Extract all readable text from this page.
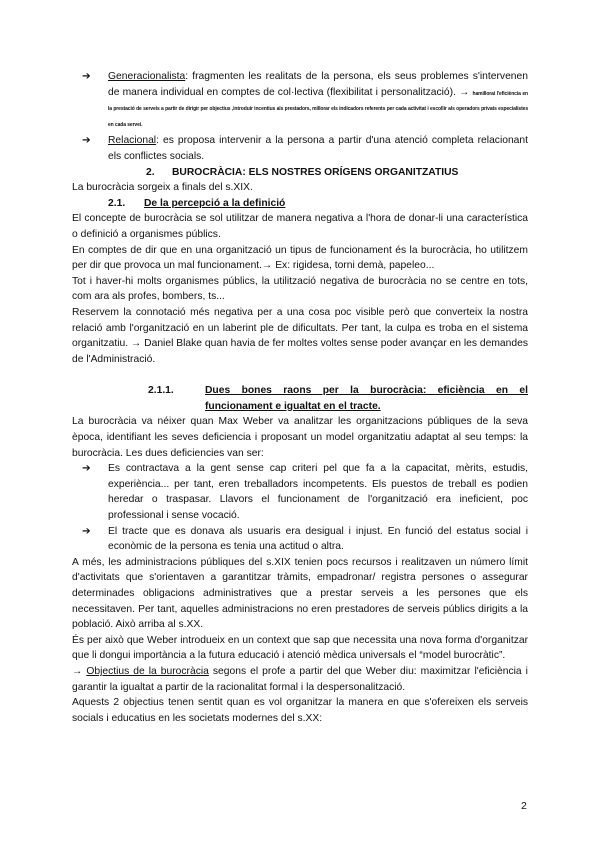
➔ Generacionalista: fragmenten les realitats de la persona, els seus problemes s'intervenen de manera individual en comptes de col·lectiva (flexibilitat i personalització). → hamillorai l'eficiència en la prestació de serveis a partir de dirigir per objectius ,introduir incentius als prestadors, millorar els indicadors referents per cada activitat i escollir als operadors privats especialistes en cada servei.
➔ Relacional: es proposa intervenir a la persona a partir d'una atenció completa relacionant els conflictes socials.
2. BUROCRÀCIA: ELS NOSTRES ORÍGENS ORGANITZATIUS

La burocràcia sorgeix a finals del s.XIX.

2.1. De la percepció a la definició

El concepte de burocràcia se sol utilitzar de manera negativa a l'hora de donar-li una característica o definició a organismes públics.

En comptes de dir que en una organització un tipus de funcionament és la burocràcia, ho utilitzem per dir que provoca un mal funcionament.→ Ex: rigidesa, torni demà, papeleo...

Tot i haver-hi molts organismes públics, la utilització negativa de burocràcia no se centre en tots, com ara als profes, bombers, ts...

Reservem la connotació més negativa per a una cosa poc visible però que converteix la nostra relació amb l'organització en un laberint ple de dificultats. Per tant, la culpa es troba en el sistema organitzatiu. → Daniel Blake quan havia de fer moltes voltes sense poder avançar en les demandes de l'Administració.

2.1.1.	Dues bones raons per la burocràcia: eficiència en el funcionament e igualtat en el tracte.

La burocràcia va néixer quan Max Weber va analitzar les organitzacions públiques de la seva època, identifiant les seves deficiencia i proposant un model organitzatiu adaptat al seu temps: la burocràcia. Les dues deficiencies van ser:

➔ Es contractava a la gent sense cap criteri pel que fa a la capacitat, mèrits, estudis, experiència... per tant, eren treballadors incompetents. Els puestos de treball es podien heredar o traspasar. Llavors el funcionament de l'organització era ineficient, poc professional i sense vocació.
➔ El tracte que es donava als usuaris era desigual i injust. En funció del estatus social i econòmic de la persona es tenia una actitud o altra.

A més, les administracions públiques del s.XIX tenien pocs recursos i realitzaven un número límit d'activitats que s'orientaven a garantitzar tràmits, empadronar/ registra persones o assegurar determinades obligacions administratives que a prestar serveis a les persones que els necessitaven. Per tant, aquelles administracions no eren prestadores de serveis públics dirigits a la població. Això arriba al s.XX.

És per això que Weber introdueix en un context que sap que necessita una nova forma d'organitzar que li dongui importància a la futura educació i atenció mèdica universals el “model burocràtic”.

→ Objectius de la burocràcia segons el profe a partir del que Weber diu: maximitzar l'eficiència i garantir la igualtat a partir de la racionalitat formal i la despersonalització.

Aquests 2 objectius tenen sentit quan es vol organitzar la manera en que s'ofereixen els serveis socials i educatius en les societats modernes del s.XX:

2
